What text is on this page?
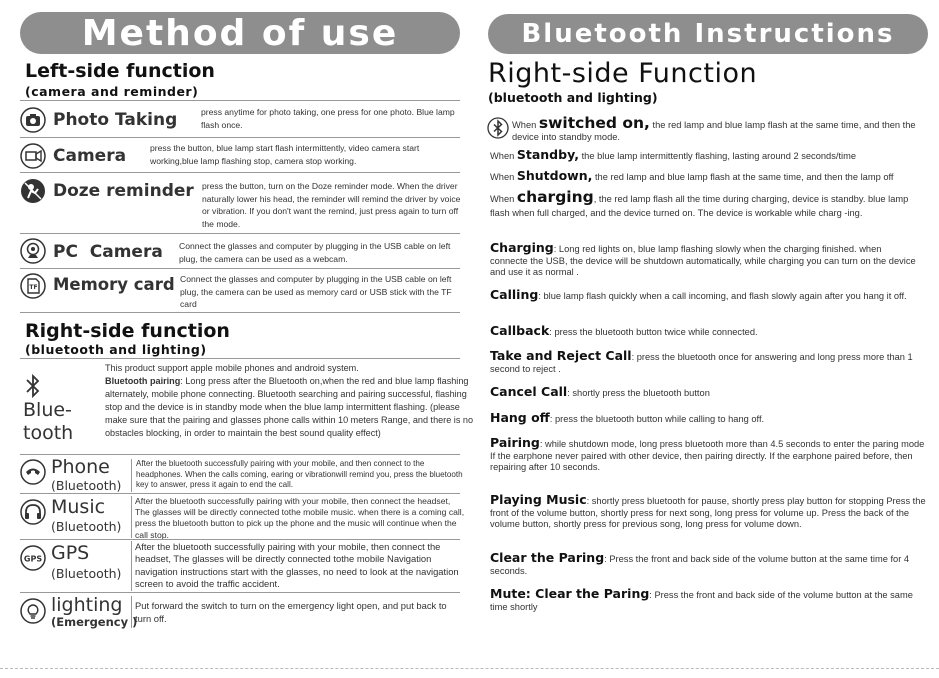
Method of use
Left-side function
(camera and reminder)
Photo Taking	press anytime for photo taking, one press for one photo. Blue lamp flash once.
Camera	press the button, blue lamp start flash intermittently, video camera start working,blue lamp flashing stop, camera stop working.
Doze reminder press the button, turn on the Doze reminder mode. When the driver naturally lower his head, the reminder will remind the driver by voice or vibration. If you don't want the remind, just press again to turn off the mode.
PC  Camera Connect the glasses and computer by plugging in the USB cable on left plug, the camera can be used as a webcam.
TF Memory card Connect the glasses and computer by plugging in the USB cable on left plug, the camera can be used as memory card or USB stick with the TF card
Right-side function
(bluetooth and lighting)
Blue-
tooth
This product support apple mobile phones and android system.
Bluetooth pairing: Long press after the Bluetooth on,when the red and blue lamp flashing alternately, mobile phone connecting. Bluetooth searching and pairing successful, flashing stop and the device is in standby mode when the blue lamp intermittent flashing. (please make sure that the pairing and glasses phone calls within 10 meters Range, and there is no obstacles blocking, in order to maintain the best sound quality effect)
Phone
(Bluetooth)
After the bluetooth successfully pairing with your mobile, and then connect to the headphones. When the calls coming, earing or vibrationwill remind you, press the bluetooth key to answer, press it again to end the call.
Music
(Bluetooth)
After the bluetooth successfully pairing with your mobile, then connect the headset, The glasses will be directly connected tothe mobile music. when there is a coming call, press the bluetooth button to pick up the phone and the music will continue when the call stop.
GPS GPS
(Bluetooth)
After the bluetooth successfully pairing with your mobile, then connect the headset, The glasses will be directly connected tothe mobile Navigation navigation instructions start with the glasses, no need to look at the navigation screen to avoid the traffic accident.
lighting
(Emergency )
Put forward the switch to turn on the emergency light open, and put back to turn off.
Bluetooth Instructions
Right-side Function
(bluetooth and lighting)
When switched on, the red lamp and blue lamp flash at the same time, and then the device into standby mode.
When Standby, the blue lamp intermittently flashing, lasting around 2 seconds/time
When Shutdown, the red lamp and blue lamp flash at the same time, and then the lamp off
When charging, the red lamp flash all the time during charging, device is standby. blue lamp flash when full charged, and the device turned on. The device is workable while charg -ing.
Charging: Long red lights on, blue lamp flashing slowly when the charging finished. when connecte the USB, the device will be shutdown automatically, while charging you can turn on the device and use it as normal .
Calling: blue lamp flash quickly when a call incoming, and flash slowly again after you hang it off.
Callback: press the bluetooth button twice while connected.
Take and Reject Call: press the bluetooth once for answering and long press more than 1 second to reject .
Cancel Call: shortly press the bluetooth button
Hang off: press the bluetooth button while calling to hang off.
Pairing: while shutdown mode, long press bluetooth more than 4.5 seconds to enter the paring mode If the earphone never paired with other device, then pairing directly. If the earphone paired before, then repairing after 10 seconds.
Playing Music: shortly press bluetooth for pause, shortly press play button for stopping Press the front of the volume button, shortly press for next song, long press for volume up. Press the back of the volume button, shortly press for previous song, long press for volume down.
Clear the Paring: Press the front and back side of the volume button at the same time for 4 seconds.
Mute: Clear the Paring: Press the front and back side of the volume button at the same time shortly
